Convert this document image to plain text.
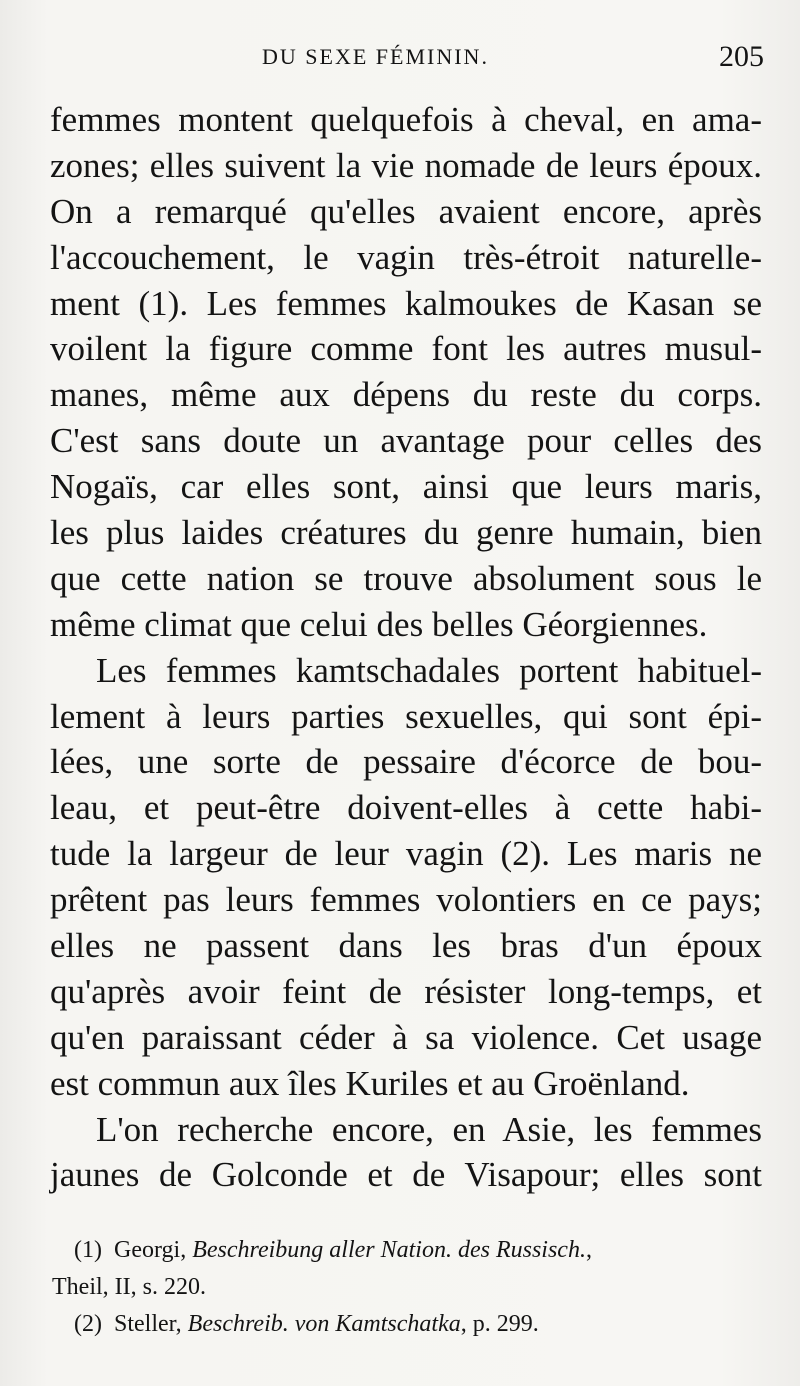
DU SEXE FÉMININ.	205
femmes montent quelquefois à cheval, en ama-
zones; elles suivent la vie nomade de leurs époux.
On a remarqué qu'elles avaient encore, après
l'accouchement, le vagin très-étroit naturelle-
ment (1). Les femmes kalmoukes de Kasan se
voilent la figure comme font les autres musul-
manes, même aux dépens du reste du corps.
C'est sans doute un avantage pour celles des
Nogaïs, car elles sont, ainsi que leurs maris,
les plus laides créatures du genre humain, bien
que cette nation se trouve absolument sous le
même climat que celui des belles Géorgiennes.
Les femmes kamtschadales portent habituel-
lement à leurs parties sexuelles, qui sont épi-
lées, une sorte de pessaire d'écorce de bou-
leau, et peut-être doivent-elles à cette habi-
tude la largeur de leur vagin (2). Les maris ne
prêtent pas leurs femmes volontiers en ce pays;
elles ne passent dans les bras d'un époux
qu'après avoir feint de résister long-temps, et
qu'en paraissant céder à sa violence. Cet usage
est commun aux îles Kuriles et au Groënland.
L'on recherche encore, en Asie, les femmes
jaunes de Golconde et de Visapour; elles sont
(1) Georgi, Beschreibung aller Nation. des Russisch.,
Theil, II, s. 220.
(2) Steller, Beschreib. von Kamtschatka, p. 299.
